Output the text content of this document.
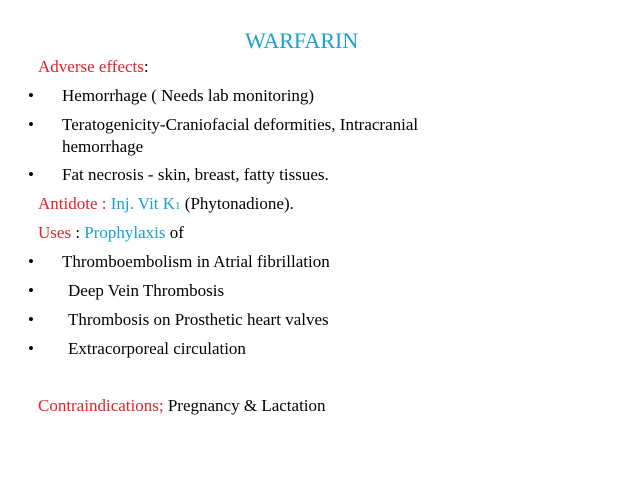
WARFARIN
Adverse effects:
• Hemorrhage ( Needs lab monitoring)
• Teratogenicity-Craniofacial deformities, Intracranial
hemorrhage
• Fat necrosis - skin, breast, fatty tissues.
Antidote : Inj. Vit K1 (Phytonadione).
Uses : Prophylaxis of
• Thromboembolism in Atrial fibrillation
• Deep Vein Thrombosis
• Thrombosis on Prosthetic heart valves
• Extracorporeal circulation
Contraindications; Pregnancy & Lactation
